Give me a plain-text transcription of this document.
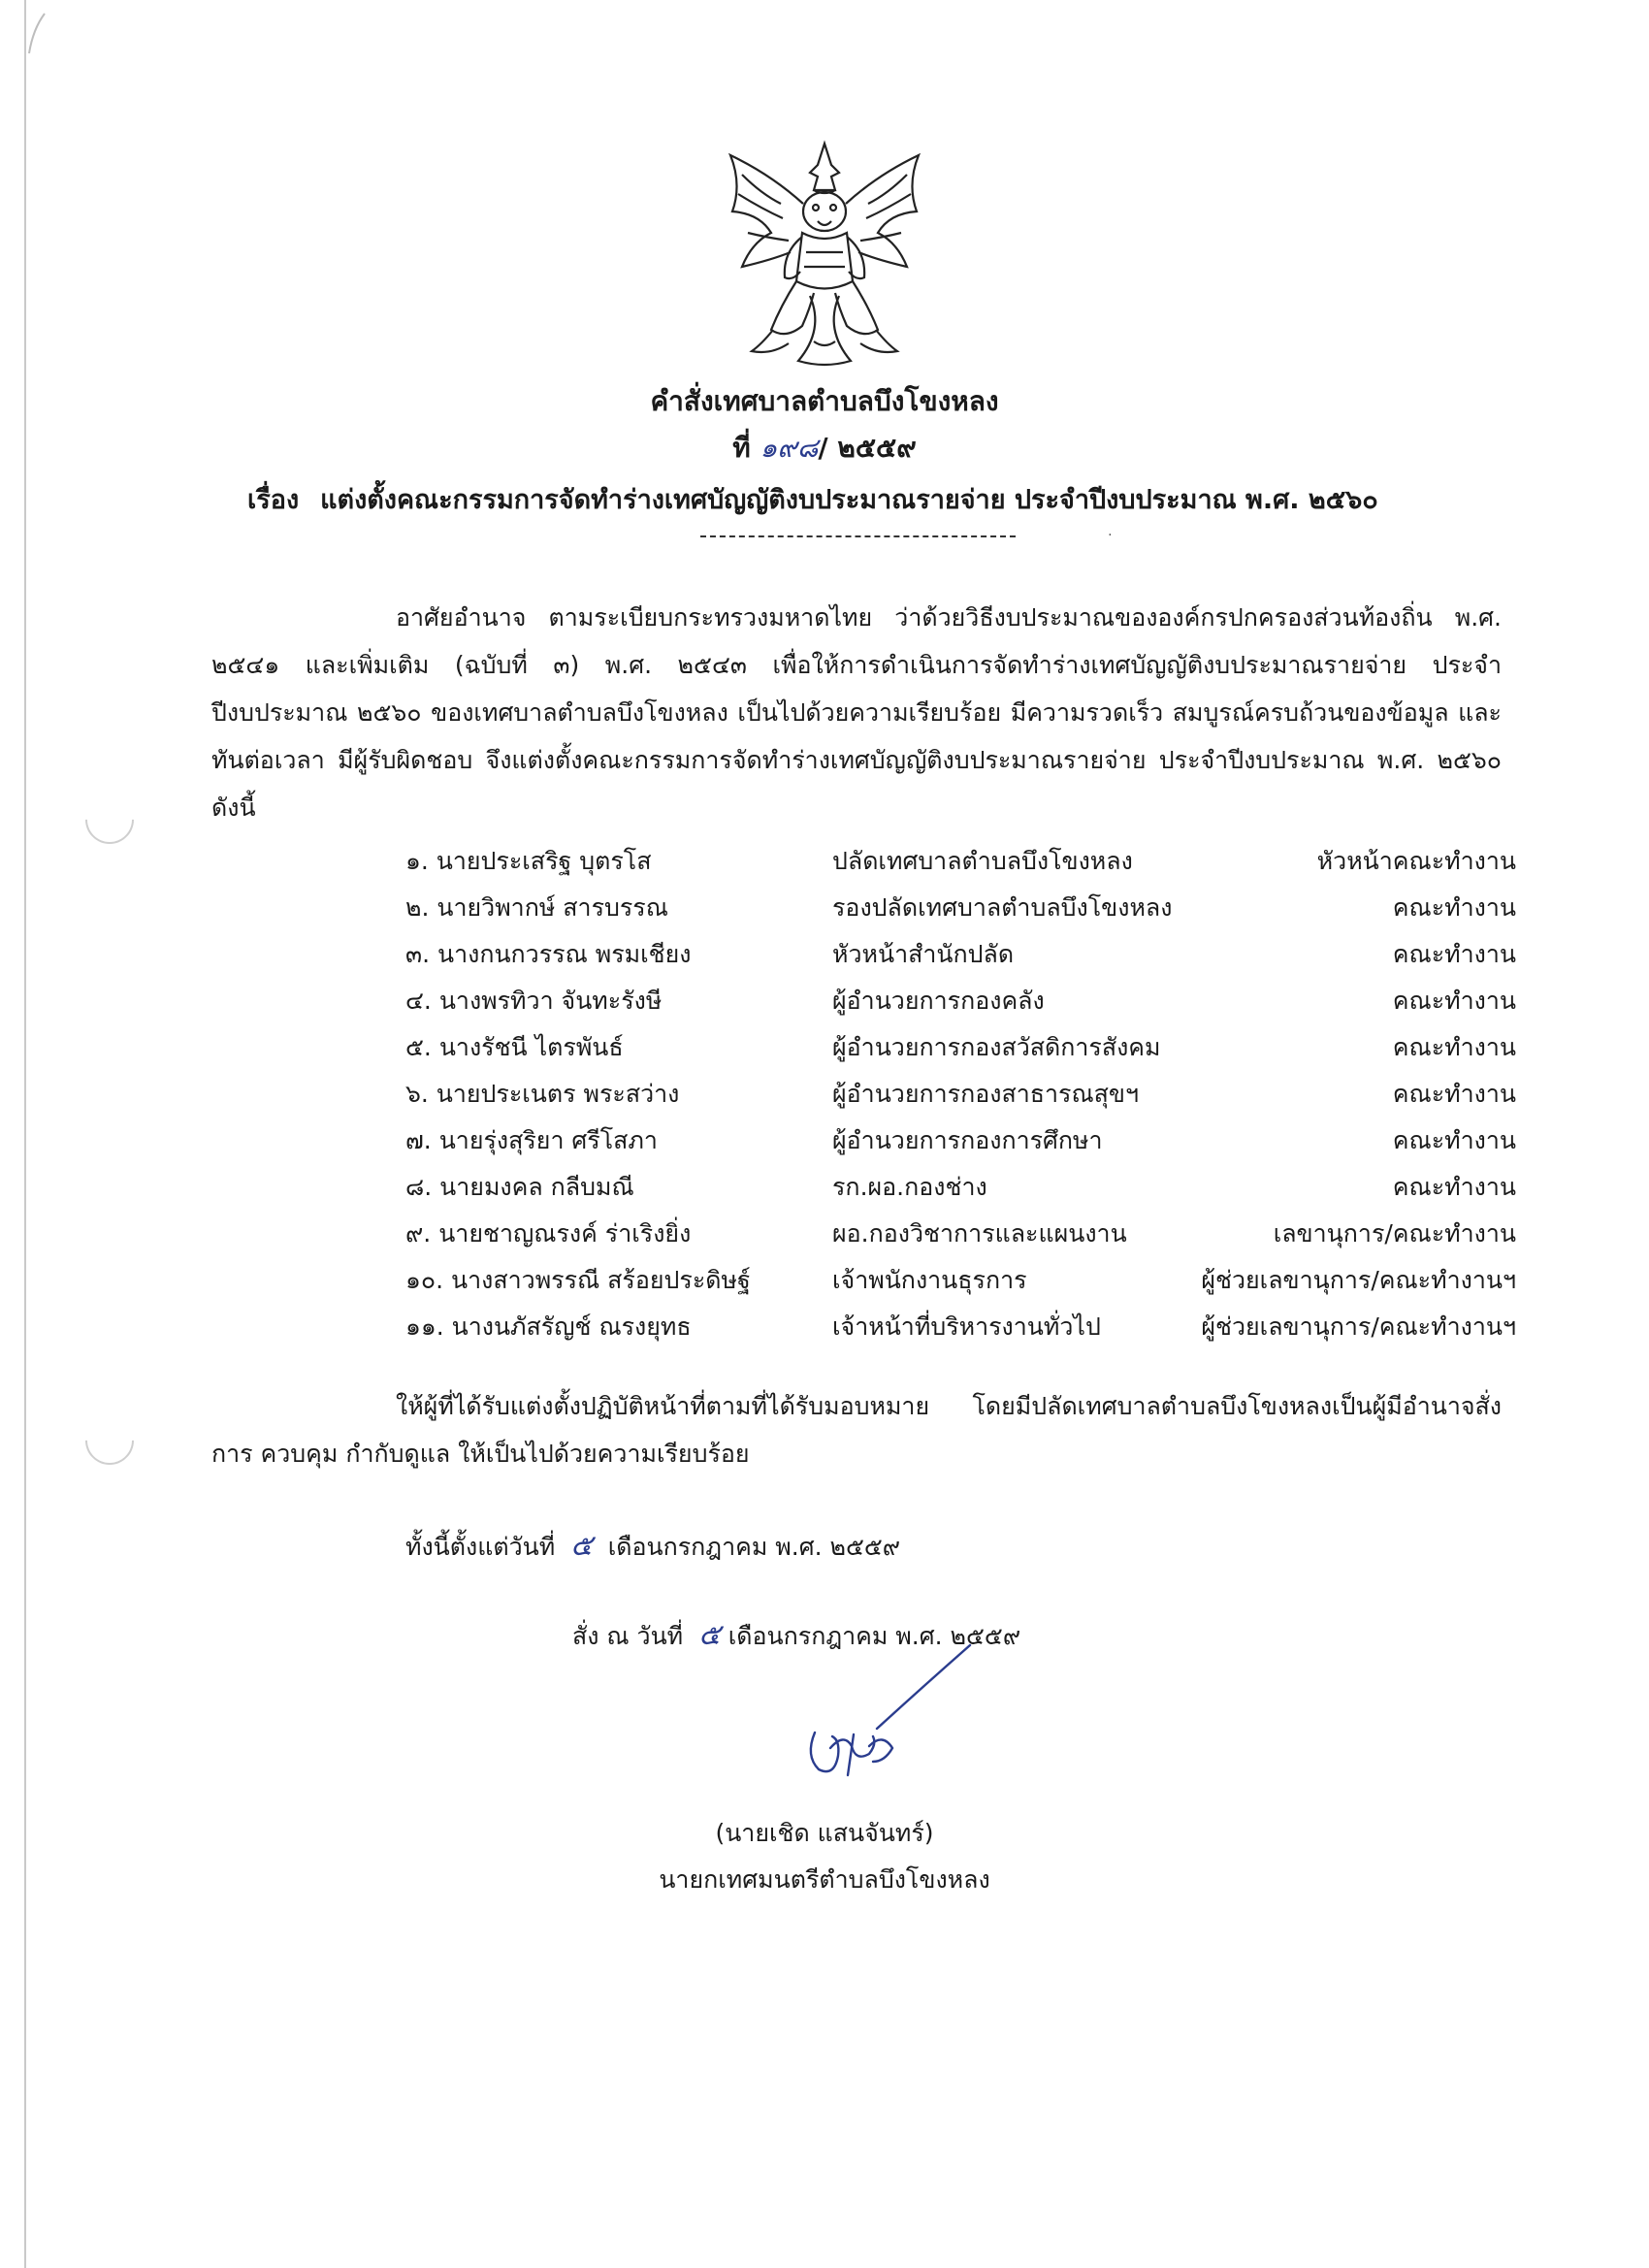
คำสั่งเทศบาลตำบลบึงโขงหลง
ที่ ๑๙๘/ ๒๕๕๙
เรื่อง แต่งตั้งคณะกรรมการจัดทำร่างเทศบัญญัติงบประมาณรายจ่าย ประจำปีงบประมาณ พ.ศ. ๒๕๖๐
․
อาศัยอำนาจ ตามระเบียบกระทรวงมหาดไทย ว่าด้วยวิธีงบประมาณขององค์กรปกครองส่วนท้องถิ่น พ.ศ. ๒๕๔๑ และเพิ่มเติม (ฉบับที่ ๓) พ.ศ. ๒๕๔๓ เพื่อให้การดำเนินการจัดทำร่างเทศบัญญัติงบประมาณรายจ่าย ประจำปีงบประมาณ ๒๕๖๐ ของเทศบาลตำบลบึงโขงหลง เป็นไปด้วยความเรียบร้อย มีความรวดเร็ว สมบูรณ์ครบถ้วนของข้อมูล และทันต่อเวลา มีผู้รับผิดชอบ จึงแต่งตั้งคณะกรรมการจัดทำร่างเทศบัญญัติงบประมาณรายจ่าย ประจำปีงบประมาณ พ.ศ. ๒๕๖๐ ดังนี้
๑. นายประเสริฐ บุตรโส	ปลัดเทศบาลตำบลบึงโขงหลง	หัวหน้าคณะทำงาน
๒. นายวิพากษ์ สารบรรณ	รองปลัดเทศบาลตำบลบึงโขงหลง	คณะทำงาน
๓. นางกนกวรรณ พรมเชียง	หัวหน้าสำนักปลัด	คณะทำงาน
๔. นางพรทิวา จันทะรังษี	ผู้อำนวยการกองคลัง	คณะทำงาน
๕. นางรัชนี ไตรพันธ์	ผู้อำนวยการกองสวัสดิการสังคม	คณะทำงาน
๖. นายประเนตร พระสว่าง	ผู้อำนวยการกองสาธารณสุขฯ	คณะทำงาน
๗. นายรุ่งสุริยา ศรีโสภา	ผู้อำนวยการกองการศึกษา	คณะทำงาน
๘. นายมงคล กลีบมณี	รก.ผอ.กองช่าง	คณะทำงาน
๙. นายชาญณรงค์ ร่าเริงยิ่ง	ผอ.กองวิชาการและแผนงาน	เลขานุการ/คณะทำงาน
๑๐. นางสาวพรรณี สร้อยประดิษฐ์	เจ้าพนักงานธุรการ	ผู้ช่วยเลขานุการ/คณะทำงานฯ
๑๑. นางนภัสรัญช์ ณรงยุทธ	เจ้าหน้าที่บริหารงานทั่วไป	ผู้ช่วยเลขานุการ/คณะทำงานฯ
ให้ผู้ที่ได้รับแต่งตั้งปฏิบัติหน้าที่ตามที่ได้รับมอบหมาย โดยมีปลัดเทศบาลตำบลบึงโขงหลงเป็นผู้มีอำนาจสั่งการ ควบคุม กำกับดูแล ให้เป็นไปด้วยความเรียบร้อย
ทั้งนี้ตั้งแต่วันที่ ๕ เดือนกรกฎาคม พ.ศ. ๒๕๕๙
สั่ง ณ วันที่ ๕ เดือนกรกฎาคม พ.ศ. ๒๕๕๙
(นายเชิด แสนจันทร์)
นายกเทศมนตรีตำบลบึงโขงหลง
